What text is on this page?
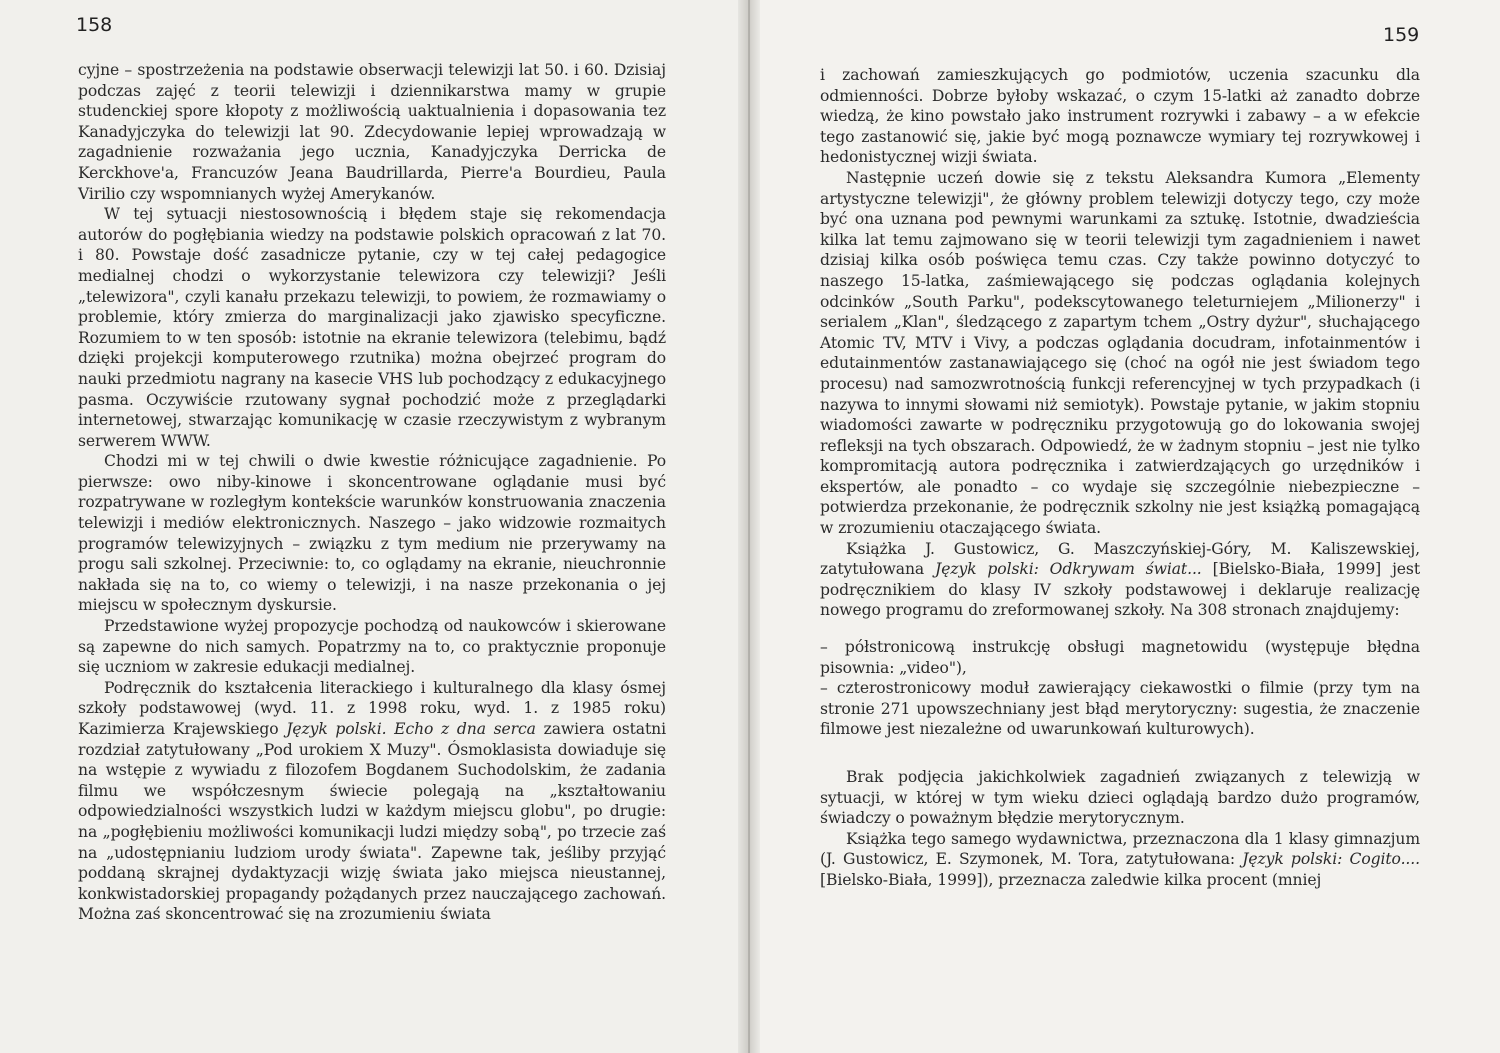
158

cyjne – spostrzeżenia na podstawie obserwacji telewizji lat 50. i 60. Dzisiaj podczas zajęć z teorii telewizji i dziennikarstwa mamy w grupie studenckiej spore kłopoty z możliwością uaktualnienia i dopasowania tez Kanadyjczyka do telewizji lat 90. Zdecydowanie lepiej wprowadzają w zagadnienie rozważania jego ucznia, Kanadyjczyka Derricka de Kerckhove'a, Francuzów Jeana Baudrillarda, Pierre'a Bourdieu, Paula Virilio czy wspomnianych wyżej Amerykanów.

W tej sytuacji niestosownością i błędem staje się rekomendacja autorów do pogłębiania wiedzy na podstawie polskich opracowań z lat 70. i 80. Powstaje dość zasadnicze pytanie, czy w tej całej pedagogice medialnej chodzi o wykorzystanie telewizora czy telewizji? Jeśli „telewizora", czyli kanału przekazu telewizji, to powiem, że rozmawiamy o problemie, który zmierza do marginalizacji jako zjawisko specyficzne. Rozumiem to w ten sposób: istotnie na ekranie telewizora (telebimu, bądź dzięki projekcji komputerowego rzutnika) można obejrzeć program do nauki przedmiotu nagrany na kasecie VHS lub pochodzący z edukacyjnego pasma. Oczywiście rzutowany sygnał pochodzić może z przeglądarki internetowej, stwarzając komunikację w czasie rzeczywistym z wybranym serwerem WWW.

Chodzi mi w tej chwili o dwie kwestie różnicujące zagadnienie. Po pierwsze: owo niby-kinowe i skoncentrowane oglądanie musi być rozpatrywane w rozległym kontekście warunków konstruowania znaczenia telewizji i mediów elektronicznych. Naszego – jako widzowie rozmaitych programów telewizyjnych – związku z tym medium nie przerywamy na progu sali szkolnej. Przeciwnie: to, co oglądamy na ekranie, nieuchronnie nakłada się na to, co wiemy o telewizji, i na nasze przekonania o jej miejscu w społecznym dyskursie.

Przedstawione wyżej propozycje pochodzą od naukowców i skierowane są zapewne do nich samych. Popatrzmy na to, co praktycznie proponuje się uczniom w zakresie edukacji medialnej.

Podręcznik do kształcenia literackiego i kulturalnego dla klasy ósmej szkoły podstawowej (wyd. 11. z 1998 roku, wyd. 1. z 1985 roku) Kazimierza Krajewskiego Język polski. Echo z dna serca zawiera ostatni rozdział zatytułowany „Pod urokiem X Muzy". Ósmoklasista dowiaduje się na wstępie z wywiadu z filozofem Bogdanem Suchodolskim, że zadania filmu we współczesnym świecie polegają na „kształtowaniu odpowiedzialności wszystkich ludzi w każdym miejscu globu", po drugie: na „pogłębieniu możliwości komunikacji ludzi między sobą", po trzecie zaś na „udostępnianiu ludziom urody świata". Zapewne tak, jeśliby przyjąć poddaną skrajnej dydaktyzacji wizję świata jako miejsca nieustannej, konkwistadorskiej propagandy pożądanych przez nauczającego zachowań. Można zaś skoncentrować się na zrozumieniu świata

159

i zachowań zamieszkujących go podmiotów, uczenia szacunku dla odmienności. Dobrze byłoby wskazać, o czym 15-latki aż zanadto dobrze wiedzą, że kino powstało jako instrument rozrywki i zabawy – a w efekcie tego zastanowić się, jakie być mogą poznawcze wymiary tej rozrywkowej i hedonistycznej wizji świata.

Następnie uczeń dowie się z tekstu Aleksandra Kumora „Elementy artystyczne telewizji", że główny problem telewizji dotyczy tego, czy może być ona uznana pod pewnymi warunkami za sztukę. Istotnie, dwadzieścia kilka lat temu zajmowano się w teorii telewizji tym zagadnieniem i nawet dzisiaj kilka osób poświęca temu czas. Czy także powinno dotyczyć to naszego 15-latka, zaśmiewającego się podczas oglądania kolejnych odcinków „South Parku", podekscytowanego teleturniejem „Milionerzy" i serialem „Klan", śledzącego z zapartym tchem „Ostry dyżur", słuchającego Atomic TV, MTV i Vivy, a podczas oglądania docudram, infotainmentów i edutainmentów zastanawiającego się (choć na ogół nie jest świadom tego procesu) nad samozwrotnością funkcji referencyjnej w tych przypadkach (i nazywa to innymi słowami niż semiotyk). Powstaje pytanie, w jakim stopniu wiadomości zawarte w podręczniku przygotowują go do lokowania swojej refleksji na tych obszarach. Odpowiedź, że w żadnym stopniu – jest nie tylko kompromitacją autora podręcznika i zatwierdzających go urzędników i ekspertów, ale ponadto – co wydaje się szczególnie niebezpieczne – potwierdza przekonanie, że podręcznik szkolny nie jest książką pomagającą w zrozumieniu otaczającego świata.

Książka J. Gustowicz, G. Maszczyńskiej-Góry, M. Kaliszewskiej, zatytułowana Język polski: Odkrywam świat... [Bielsko-Biała, 1999] jest podręcznikiem do klasy IV szkoły podstawowej i deklaruje realizację nowego programu do zreformowanej szkoły. Na 308 stronach znajdujemy:

– półstronicową instrukcję obsługi magnetowidu (występuje błędna pisownia: „video"),

– czterostronicowy moduł zawierający ciekawostki o filmie (przy tym na stronie 271 upowszechniany jest błąd merytoryczny: sugestia, że znaczenie filmowe jest niezależne od uwarunkowań kulturowych).

Brak podjęcia jakichkolwiek zagadnień związanych z telewizją w sytuacji, w której w tym wieku dzieci oglądają bardzo dużo programów, świadczy o poważnym błędzie merytorycznym.

Książka tego samego wydawnictwa, przeznaczona dla 1 klasy gimnazjum (J. Gustowicz, E. Szymonek, M. Tora, zatytułowana: Język polski: Cogito.... [Bielsko-Biała, 1999]), przeznacza zaledwie kilka procent (mniej
